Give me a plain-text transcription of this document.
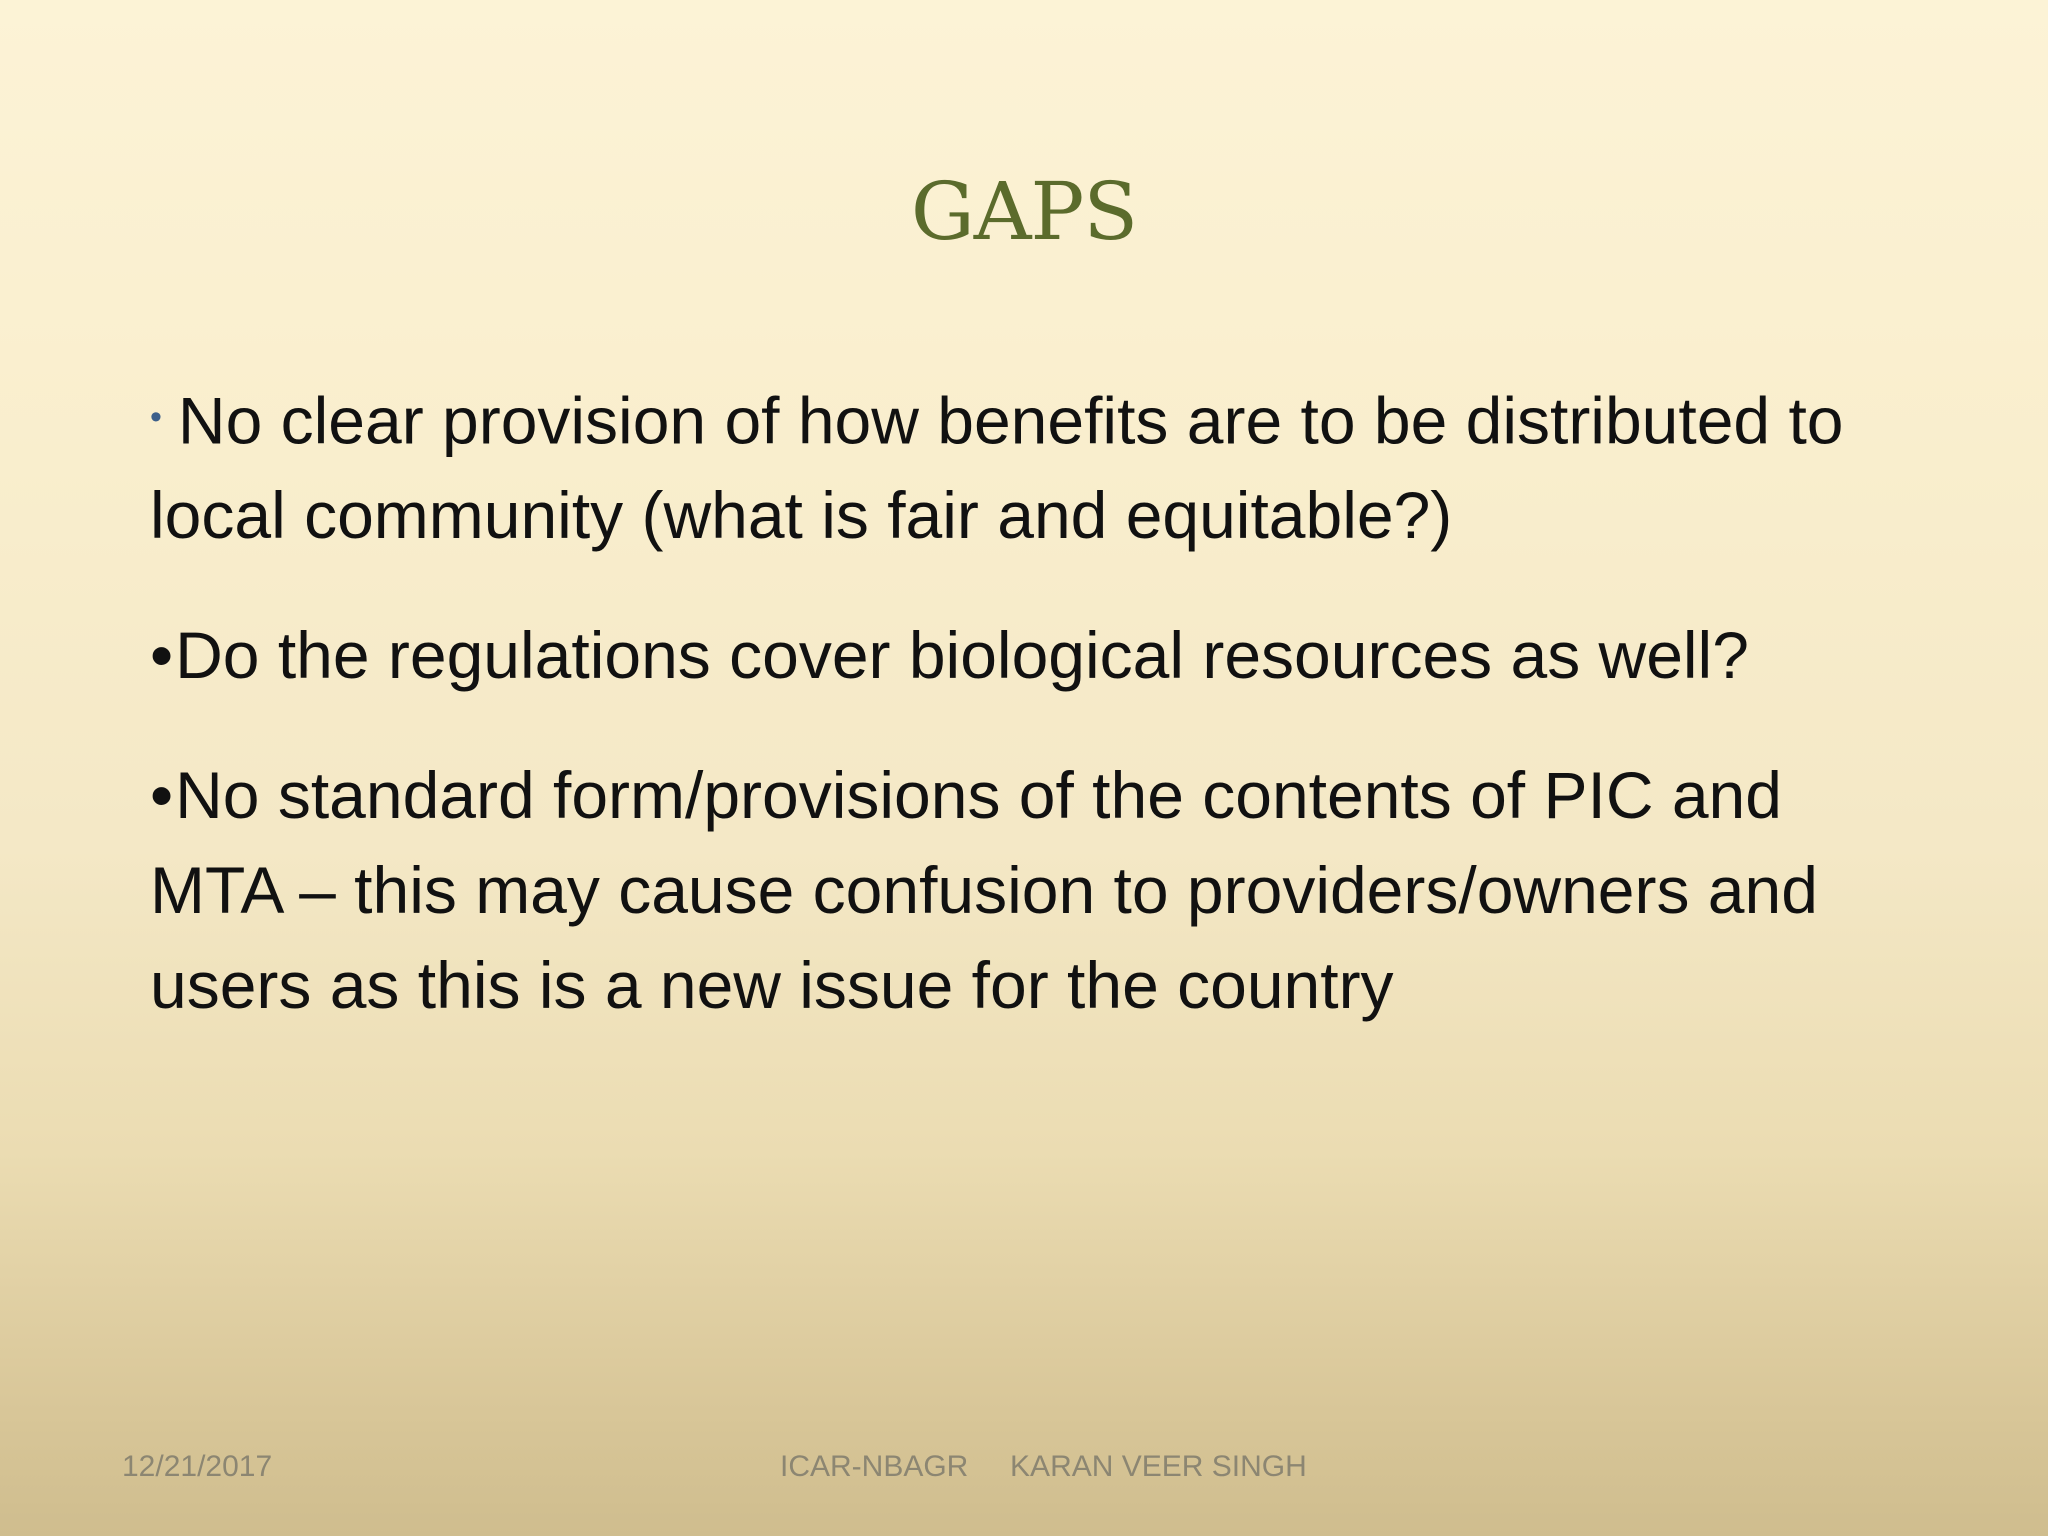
GAPS

• No clear provision of how benefits are to be distributed to local community (what is fair and equitable?)

•Do the regulations cover biological resources as well?

•No standard form/provisions of the contents of PIC and MTA – this may cause confusion to providers/owners and users as this is a new issue for the country

12/21/2017	ICAR-NBAGR KARAN VEER SINGH
